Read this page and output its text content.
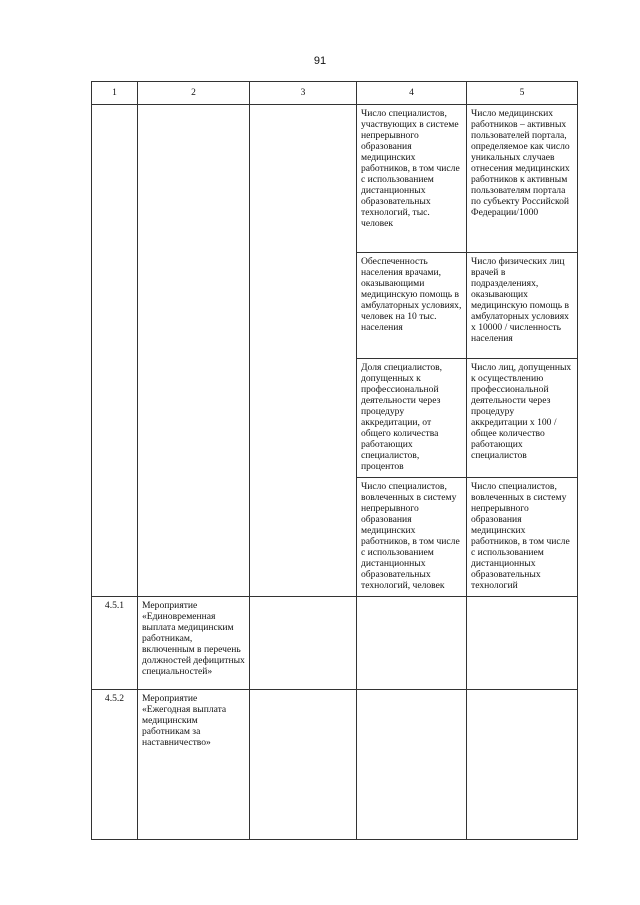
91
1	2	3	4	5
			Число специалистов, участвующих в системе непрерывного образования медицинских работников, в том числе с использованием дистанционных образовательных технологий, тыс. человек	Число медицинских работников – активных пользователей портала, определяемое как число уникальных случаев отнесения медицинских работников к активным пользователям портала по субъекту Российской Федерации/1000
			Обеспеченность населения врачами, оказывающими медицинскую помощь в амбулаторных условиях, человек на 10 тыс. населения	Число физических лиц врачей в подразделениях, оказывающих медицинскую помощь в амбулаторных условиях x 10000 / численность населения
			Доля специалистов, допущенных к профессиональной деятельности через процедуру аккредитации, от общего количества работающих специалистов, процентов	Число лиц, допущенных к осуществлению профессиональной деятельности через процедуру аккредитации x 100 / общее количество работающих специалистов
			Число специалистов, вовлеченных в систему непрерывного образования медицинских работников, в том числе с использованием дистанционных образовательных технологий, человек	Число специалистов, вовлеченных в систему непрерывного образования медицинских работников, в том числе с использованием дистанционных образовательных технологий
4.5.1	Мероприятие «Единовременная выплата медицинским работникам, включенным в перечень должностей дефицитных специальностей»			
4.5.2	Мероприятие «Ежегодная выплата медицинским работникам за наставничество»			
